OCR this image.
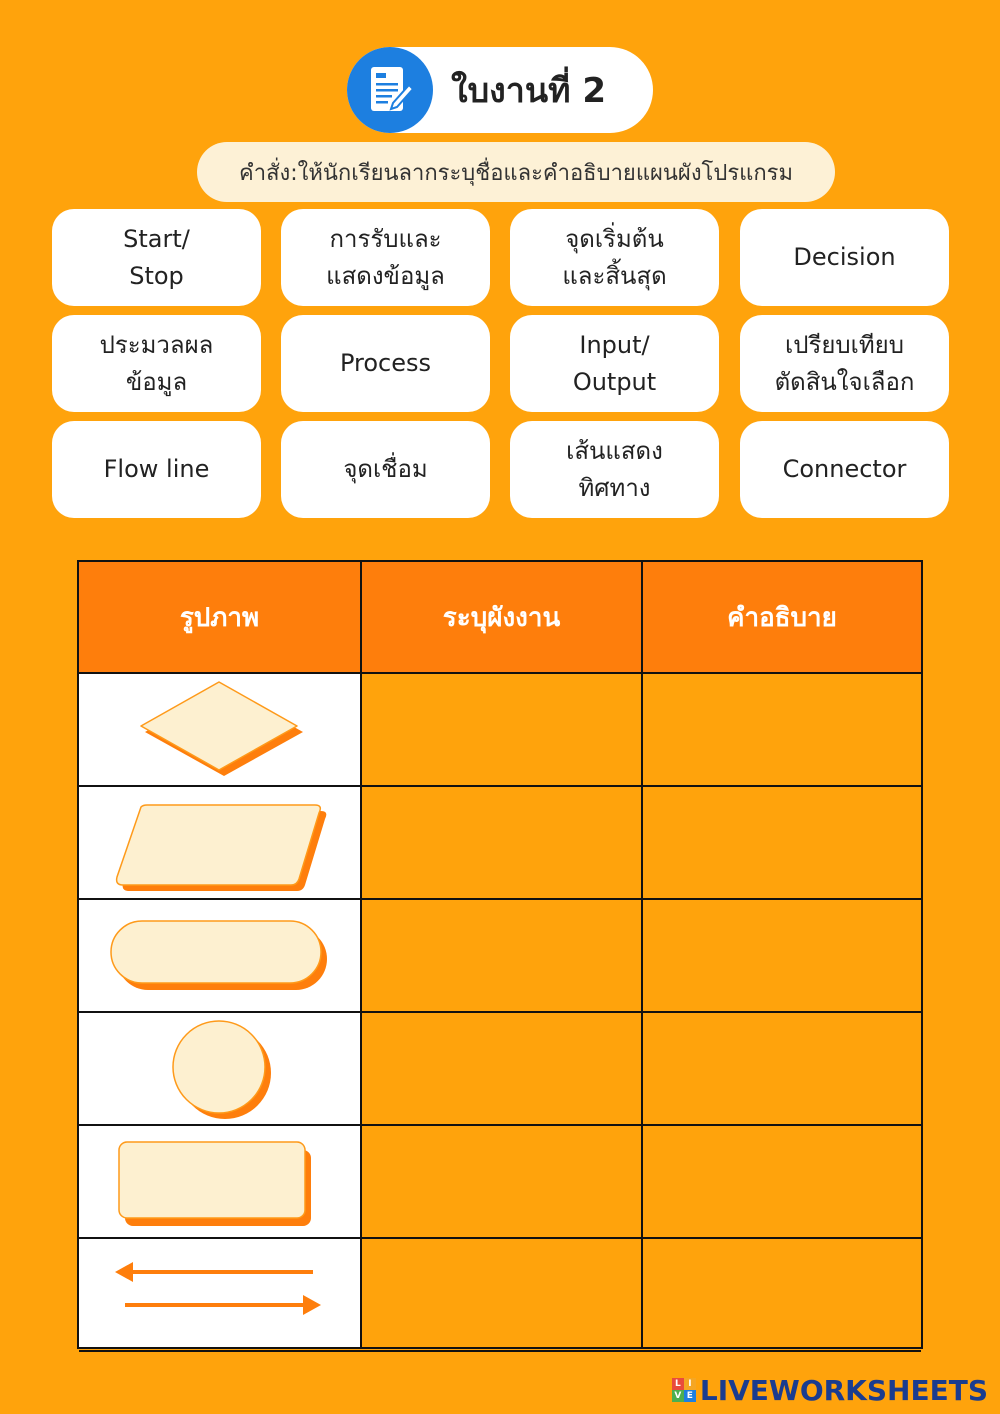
ใบงานที่ 2
คำสั่ง:ให้นักเรียนลากระบุชื่อและคำอธิบายแผนผังโปรแกรม
Start/
Stop
การรับและ
แสดงข้อมูล
จุดเริ่มต้น
และสิ้นสุด
Decision
ประมวลผล
ข้อมูล
Process
Input/
Output
เปรียบเทียบ
ตัดสินใจเลือก
Flow line	จุดเชื่อม
เส้นแสดง
ทิศทาง
Connector
รูปภาพ	ระบุผังงาน	คำอธิบาย
L I
V E LIVEWORKSHEETS
